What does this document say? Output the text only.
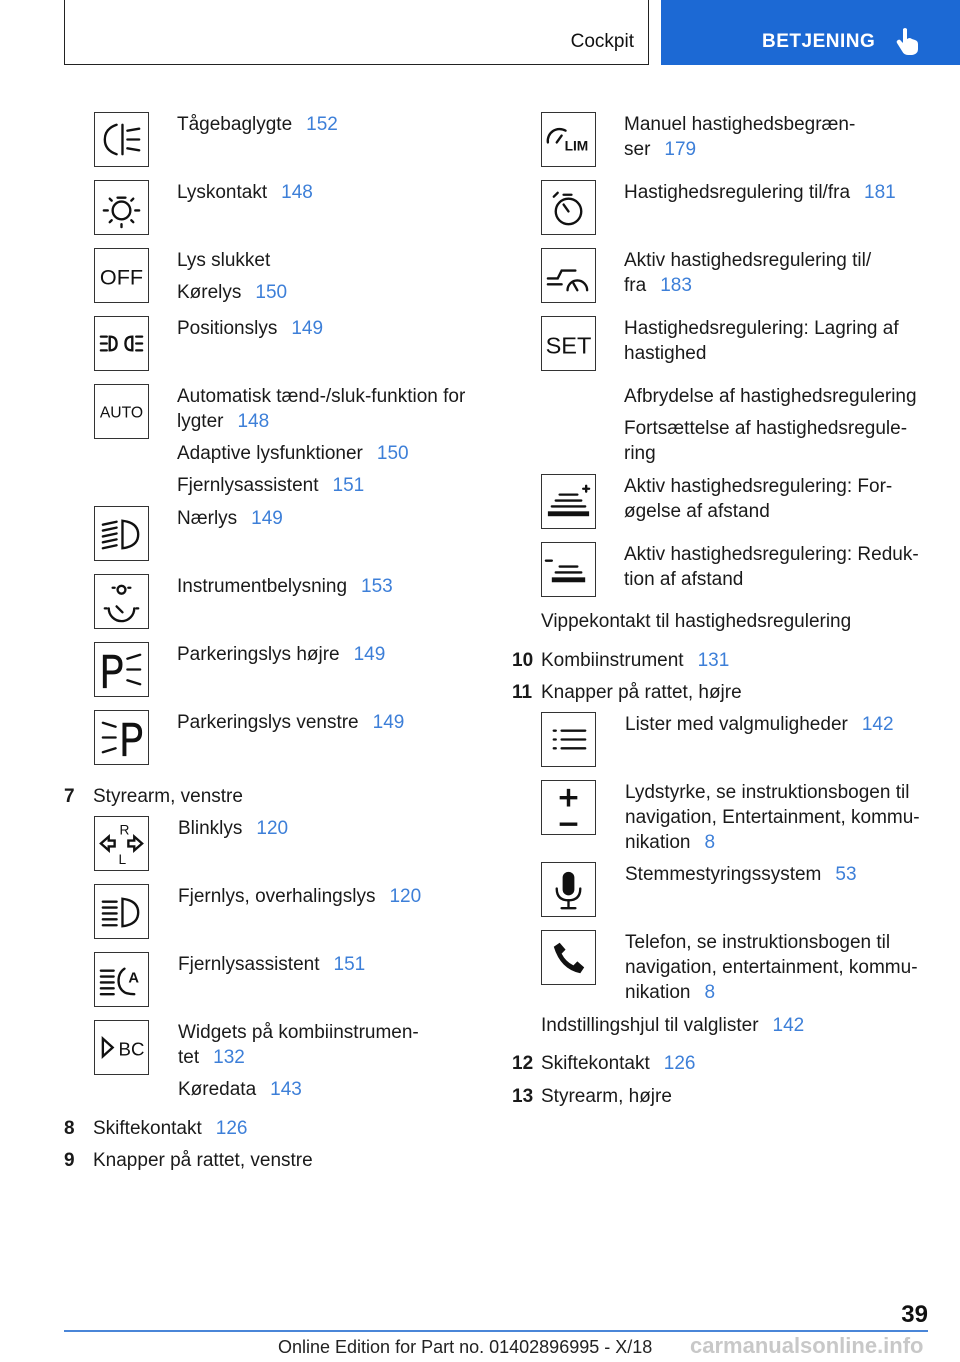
Cockpit	BETJENING
Tågebaglygte 152
Lyskontakt 148
OFF
Lys slukket
Kørelys 150
Positionslys 149
AUTO
Automatisk tænd-/sluk-funktion for
lygter 148
Adaptive lysfunktioner 150
Fjernlysassistent 151
Nærlys 149
Instrumentbelysning 153
Parkeringslys højre 149
Parkeringslys venstre 149
7 Styrearm, venstre
R
L
Blinklys 120
Fjernlys, overhalingslys 120
A
Fjernlysassistent 151
BC
Widgets på kombiinstrumen-
tet 132
Køredata 143
8 Skiftekontakt 126
9 Knapper på rattet, venstre
LIM
Manuel hastighedsbegræn-
ser 179
Hastighedsregulering til/fra 181
Aktiv hastighedsregulering til/
fra 183
SET
Hastighedsregulering: Lagring af
hastighed
Afbrydelse af hastighedsregulering
Fortsættelse af hastighedsregule-
ring
Aktiv hastighedsregulering: For-
øgelse af afstand
Aktiv hastighedsregulering: Reduk-
tion af afstand
Vippekontakt til hastighedsregulering
10 Kombiinstrument 131
11 Knapper på rattet, højre
Lister med valgmuligheder 142
Lydstyrke, se instruktionsbogen til
navigation, Entertainment, kommu-
nikation 8
Stemmestyringssystem 53
Telefon, se instruktionsbogen til
navigation, entertainment, kommu-
nikation 8
Indstillingshjul til valglister 142
12 Skiftekontakt 126
13 Styrearm, højre
39
Online Edition for Part no. 01402896995 - X/18 carmanualsonline.info
